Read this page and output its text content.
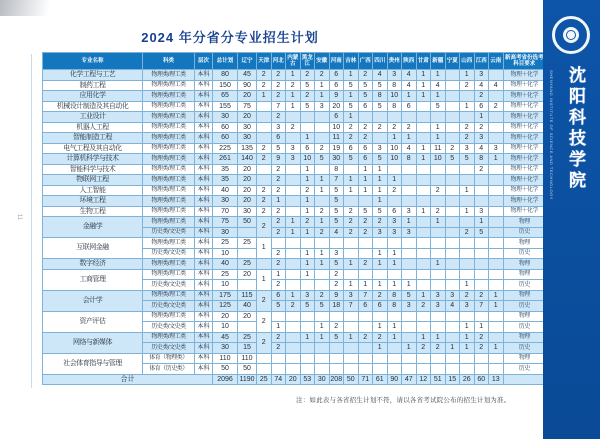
11
2024 年分省分专业招生计划
专业名称	科类	层次	总计划	辽宁	天津	河北	内蒙古	黑龙江	安徽	河南	吉林	广西	四川	贵州	陕西	甘肃	新疆	宁夏	山西	江西	云南	新高考省份选考科目要求
化学工程与工艺	物理类/理工类	本科	80	45	2	2	1	2	2	6	1	2	4	3	4	1	1		1	3		物理＋化学
制药工程	物理类/理工类	本科	150	90	2	2	2	5	1	6	5	5	5	8	4	1	4		2	4	4	物理＋化学
应用化学	物理类/理工类	本科	65	20	1	2	1	2	1	9	1	5	8	10	1	1	1			2		物理＋化学
机械设计制造及其自动化	物理类/理工类	本科	155	75		7	1	5	3	20	5	6	5	8	6		5		1	6	2	物理＋化学
工业设计	物理类/理工类	本科	30	20		2				6	1									1		物理＋化学
机器人工程	物理类/理工类	本科	60	30		3	2			10	2	2	2	2	2		1		2	2		物理＋化学
智能制造工程	物理类/理工类	本科	60	30		6		1		11	2	2		1	1		1		2	3		物理＋化学
电气工程及其自动化	物理类/理工类	本科	225	135	2	5	3	6	2	19	6	6	3	10	4	1	11	2	3	4	3	物理＋化学
计算机科学与技术	物理类/理工类	本科	261	140	2	9	3	10	5	30	5	6	5	10	8	1	10	5	5	8	1	物理＋化学
智能科学与技术	物理类/理工类	本科	35	20		2		1		8		1	1							2		物理＋化学
物联网工程	物理类/理工类	本科	35	20		2		1	1	7	1	1	1	1								物理＋化学
人工智能	物理类/理工类	本科	40	20	2	2		2	1	5	1	1	1	2			2		1			物理＋化学
环境工程	物理类/理工类	本科	30	20	2	1		1		5			1									物理＋化学
生物工程	物理类/理工类	本科	70	30	2	2		1	2	5	2	5	5	6	3	1	2		1	3		物理＋化学
金融学	物理类/理工类	本科	75	50	2	2	1	2	1	5	2	2	2	3	1		1			1		物理
	历史类/文史类	本科	30			2	1	1	2	4	2	2	3	3	3				2	5		历史
互联网金融	物理类/理工类	本科	25	25	1																	物理
	历史类/文史类	本科	10			2		1	1	3			1	1								历史
数字经济	物理类/理工类	本科	40	25		2		1	1	5	1	2	1	1			1					物理
工商管理	物理类/理工类	本科	25	20	1	1		1		2												物理
	历史类/文史类	本科	10			2				2	1	1	1	1	1				1			历史
会计学	物理类/理工类	本科	175	115	2	6	1	3	2	9	3	7	2	8	5	1	3	3	2	2	1	物理
	历史类/文史类	本科	125	40		5	2	5	5	18	7	6	6	8	3	2	3	4	3	7	1	历史
资产评估	物理类/理工类	本科	20	20	2																	物理
	历史类/文史类	本科	10			1			1	2			1	1					1	1		历史
网络与新媒体	物理类/理工类	本科	45	25	2	2		1	1	5	1	2	2	1		1	1		1	2		物理
	历史类/文史类	本科	30	15		2							1		1	2	2	1	1	2	1	历史
社会体育指导与管理	体育（物理类）	本科	110	110																		物理
	体育（历史类）	本科	50	50																		历史
合计			2096	1190	25	74	20	53	30	208	50	71	61	90	47	12	51	15	26	60	13	
注：如此表与各省招生计划不符，请以各省考试院公布的招生计划为准。
SHENYANG INSTITUTE OF SCIENCE AND TECHNOLOGY 沈阳科技学院
